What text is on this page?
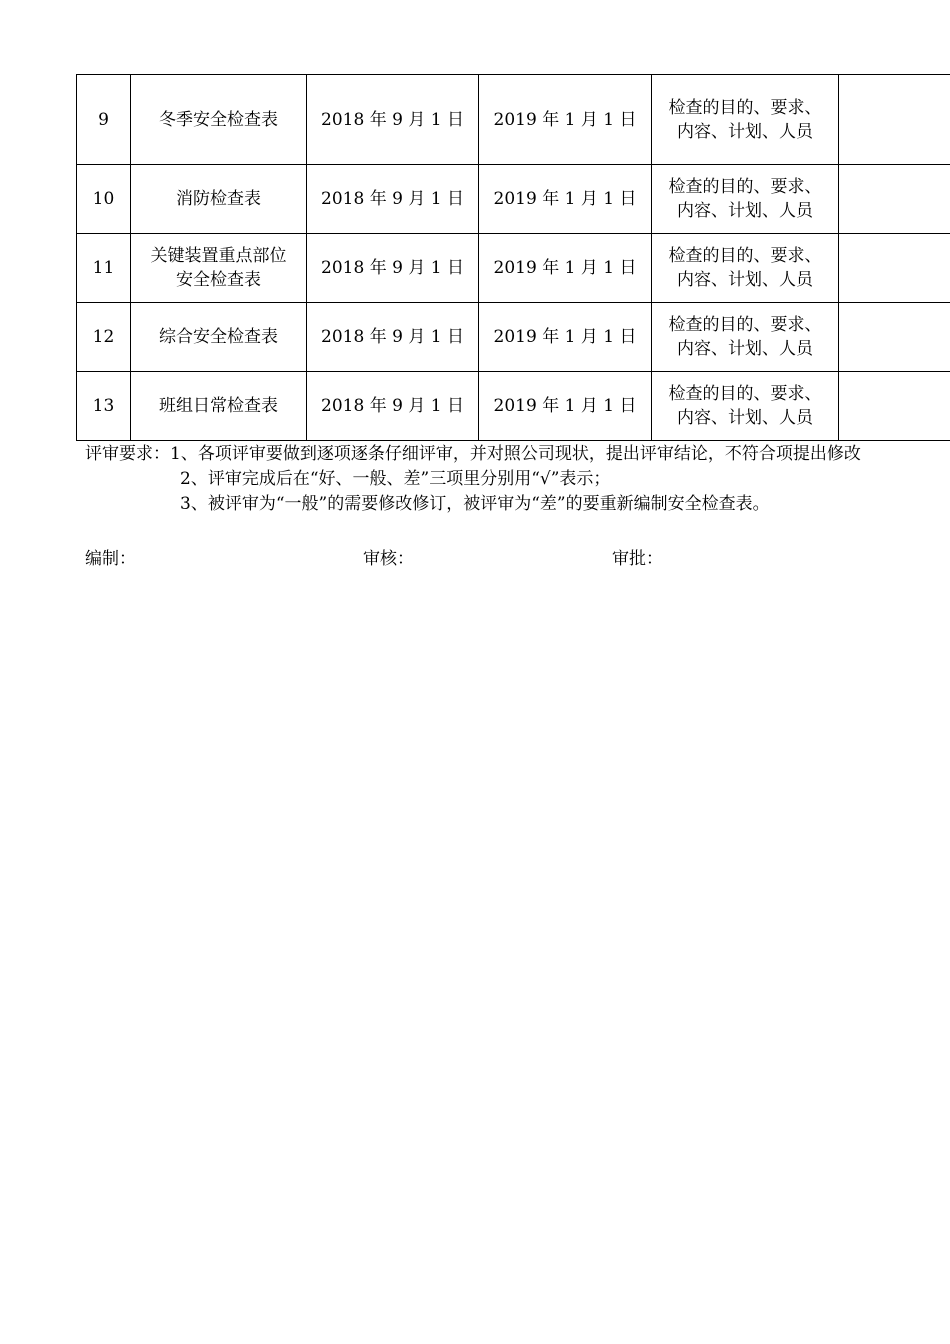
9	冬季安全检查表	2018 年 9 月 1 日	2019 年 1 月 1 日	检查的目的、要求、
内容、计划、人员	
10	消防检查表	2018 年 9 月 1 日	2019 年 1 月 1 日	检查的目的、要求、
内容、计划、人员	
11	关键装置重点部位
安全检查表	2018 年 9 月 1 日	2019 年 1 月 1 日	检查的目的、要求、
内容、计划、人员	
12	综合安全检查表	2018 年 9 月 1 日	2019 年 1 月 1 日	检查的目的、要求、
内容、计划、人员	
13	班组日常检查表	2018 年 9 月 1 日	2019 年 1 月 1 日	检查的目的、要求、
内容、计划、人员	
评审要求：1、各项评审要做到逐项逐条仔细评审，并对照公司现状，提出评审结论，不符合项提出修改
2、评审完成后在“好、一般、差”三项里分别用“√”表示；
3、被评审为“一般”的需要修改修订，被评审为“差”的要重新编制安全检查表。
编制：	审核：	审批：
